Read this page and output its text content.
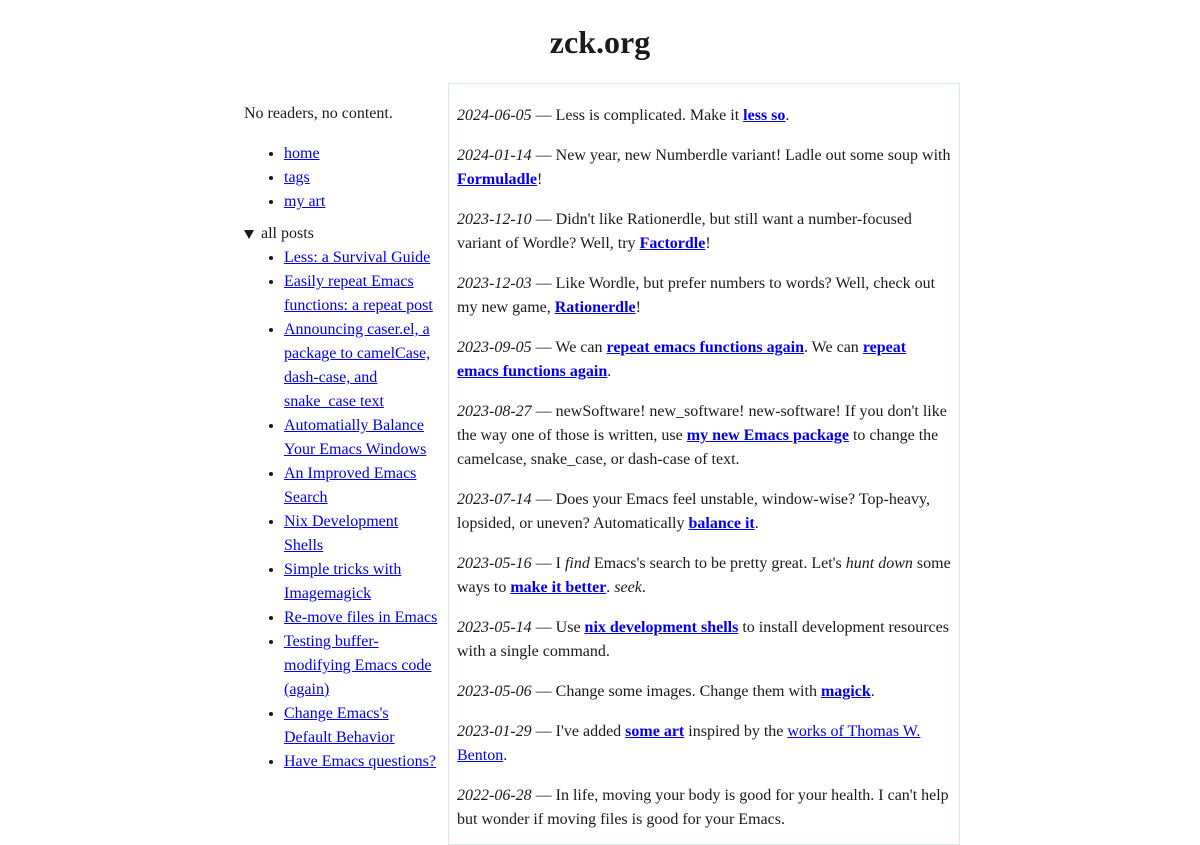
zck.org

No readers, no content.

• home
• tags
• my art
all posts
• Less: a Survival Guide
• Easily repeat Emacs functions: a repeat post
• Announcing caser.el, a package to camelCase, dash-case, and snake_case text
• Automatially Balance Your Emacs Windows
• An Improved Emacs Search
• Nix Development Shells
• Simple tricks with Imagemagick
• Re-move files in Emacs
• Testing buffer-modifying Emacs code (again)
• Change Emacs's Default Behavior
• Have Emacs questions?

2024-06-05 — Less is complicated. Make it less so.

2024-01-14 — New year, new Numberdle variant! Ladle out some soup with Formuladle!

2023-12-10 — Didn't like Rationerdle, but still want a number-focused variant of Wordle? Well, try Factordle!

2023-12-03 — Like Wordle, but prefer numbers to words? Well, check out my new game, Rationerdle!

2023-09-05 — We can repeat emacs functions again. We can repeat emacs functions again.

2023-08-27 — newSoftware! new_software! new-software! If you don't like the way one of those is written, use my new Emacs package to change the camelcase, snake_case, or dash-case of text.

2023-07-14 — Does your Emacs feel unstable, window-wise? Top-heavy, lopsided, or uneven? Automatically balance it.

2023-05-16 — I find Emacs's search to be pretty great. Let's hunt down some ways to make it better. seek.

2023-05-14 — Use nix development shells to install development resources with a single command.

2023-05-06 — Change some images. Change them with magick.

2023-01-29 — I've added some art inspired by the works of Thomas W. Benton.

2022-06-28 — In life, moving your body is good for your health. I can't help but wonder if moving files is good for your Emacs.
